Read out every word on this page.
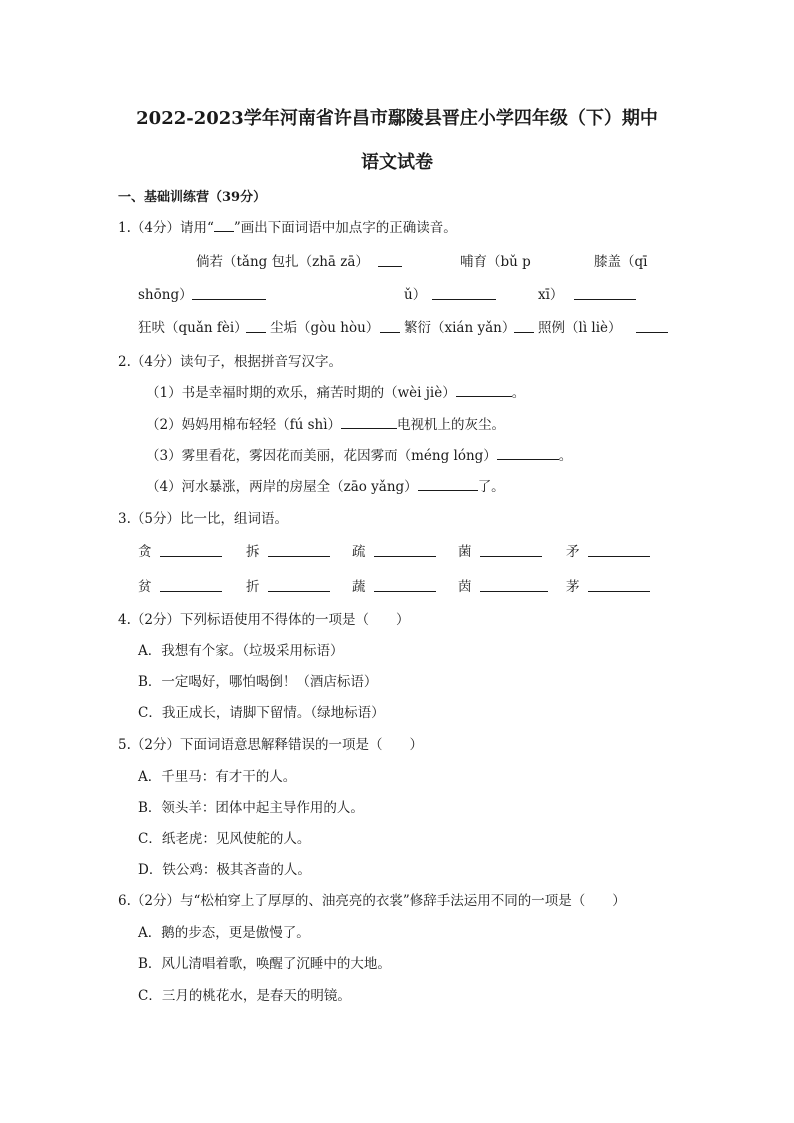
2022-2023学年河南省许昌市鄢陵县晋庄小学四年级（下）期中
语文试卷
一、基础训练营（39分）
1.（4分）请用“ ”画出下面词语中加点字的正确读音。
倘若（tǎng 包扎（zhā zā）	哺育（bǔ p	膝盖（qī
shōng）	ǔ）	xī）
狂吠（quǎn fèi） 尘垢（gòu hòu） 繁衍（xián yǎn） 照例（lì liè）
2.（4分）读句子，根据拼音写汉字。
（1）书是幸福时期的欢乐，痛苦时期的（wèi jiè）	。
（2）妈妈用棉布轻轻（fú shì）	电视机上的灰尘。
（3）雾里看花，雾因花而美丽，花因雾而（méng lóng）	。
（4）河水暴涨，两岸的房屋全（zāo yǎng）	了。
3.（5分）比一比，组词语。
贪	拆	疏	菌	矛
贫	折	蔬	茵	茅
4.（2分）下列标语使用不得体的一项是（　　）
A．我想有个家。（垃圾采用标语）
B．一定喝好，哪怕喝倒！（酒店标语）
C．我正成长，请脚下留情。（绿地标语）
5.（2分）下面词语意思解释错误的一项是（　　）
A．千里马：有才干的人。
B．领头羊：团体中起主导作用的人。
C．纸老虎：见风使舵的人。
D．铁公鸡：极其吝啬的人。
6.（2分）与“松柏穿上了厚厚的、油亮亮的衣裳”修辞手法运用不同的一项是（　　）
A．鹅的步态，更是傲慢了。
B．风儿清唱着歌，唤醒了沉睡中的大地。
C．三月的桃花水，是春天的明镜。
